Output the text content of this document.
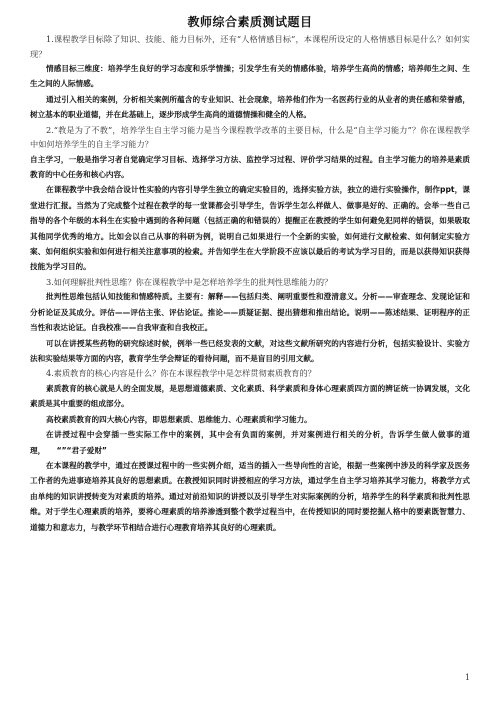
教师综合素质测试题目

1.课程教学目标除了知识、技能、能力目标外，还有“人格情感目标”，本课程所设定的人格情感目标是什么？如何实现？

情感目标三维度：培养学生良好的学习态度和乐学情操；引发学生有关的情感体验，培养学生高尚的情感；培养师生之间、生生之间的人际情感。

通过引入相关的案例，分析相关案例所蕴含的专业知识、社会现象，培养他们作为一名医药行业的从业者的责任感和荣誉感，树立基本的职业道德，并在此基础上，逐步形成学生高尚的道德情操和健全的人格。

2.“教是为了不教”，培养学生自主学习能力是当今课程教学改革的主要目标，什么是“自主学习能力”？你在课程教学中如何培养学生的自主学习能力？

自主学习，一般是指学习者自觉确定学习目标、选择学习方法、监控学习过程、评价学习结果的过程。自主学习能力的培养是素质教育的中心任务和核心内容。

在课程教学中我会结合设计性实验的内容引导学生独立的确定实验目的，选择实验方法，独立的进行实验操作，制作ppt，课堂进行汇报。当然为了完成整个过程在教学的每一堂课都会引导学生，告诉学生怎么样做人、做事是好的、正确的。会举一些自己指导的各个年级的本科生在实验中遇到的各种问题（包括正确的和错误的）提醒正在教授的学生如何避免犯同样的错误，如果吸取其他同学优秀的地方。比如会以自己从事的科研为例，说明自己如果进行一个全新的实验，如何进行文献检索、如何制定实验方案、如何组织实验和如何进行相关注意事项的检索。并告知学生在大学阶段不应该以最后的考试为学习目的，而是以获得知识获得技能为学习目的。

3.如何理解批判性思维？你在课程教学中是怎样培养学生的批判性思维能力的？

批判性思维包括认知技能和情感特质。主要有：解释——包括归类、阐明重要性和澄清意义。分析——审查理念、发现论证和分析论证及其成分。评估——评估主张、评估论证。推论——质疑证据、提出猜想和推出结论。说明——陈述结果、证明程序的正当性和表达论证。自我校准——自我审查和自我校正。

可以在讲授某些药物的研究综述时候，例举一些已经发表的文献，对这些文献所研究的内容进行分析，包括实验设计、实验方法和实验结果等方面的内容，教育学生学会辩证的看待问题，而不是盲目的引用文献。

4.素质教育的核心内容是什么？你在本课程教学中是怎样贯彻素质教育的？

素质教育的核心就是人的全面发展，是思想道德素质、文化素质、科学素质和身体心理素质四方面的辨证统一协调发展，文化素质是其中重要的组成部分。

高校素质教育的四大核心内容，即思想素质、思维能力、心理素质和学习能力。

在讲授过程中会穿插一些实际工作中的案例，其中会有负面的案例，并对案例进行相关的分析，告诉学生做人做事的道理，　　“”“君子爱财”

在本课程的教学中，通过在授课过程中的一些实例介绍，适当的插入一些导向性的言论，根据一些案例中涉及的科学家及医务工作者的先进事迹培养其良好的思想素质。在教授知识同时讲授相应的学习方法，通过学生自主学习培养其学习能力，将教学方式由单纯的知识讲授转变为对素质的培养。通过对前沿知识的讲授以及引导学生对实际案例的分析，培养学生的科学素质和批判性思维。对于学生心理素质的培养，要将心理素质的培养渗透到整个教学过程当中，在传授知识的同时要挖掘人格中的要素既智慧力、道德力和意志力，与教学环节相结合进行心理教育培养其良好的心理素质。

1
